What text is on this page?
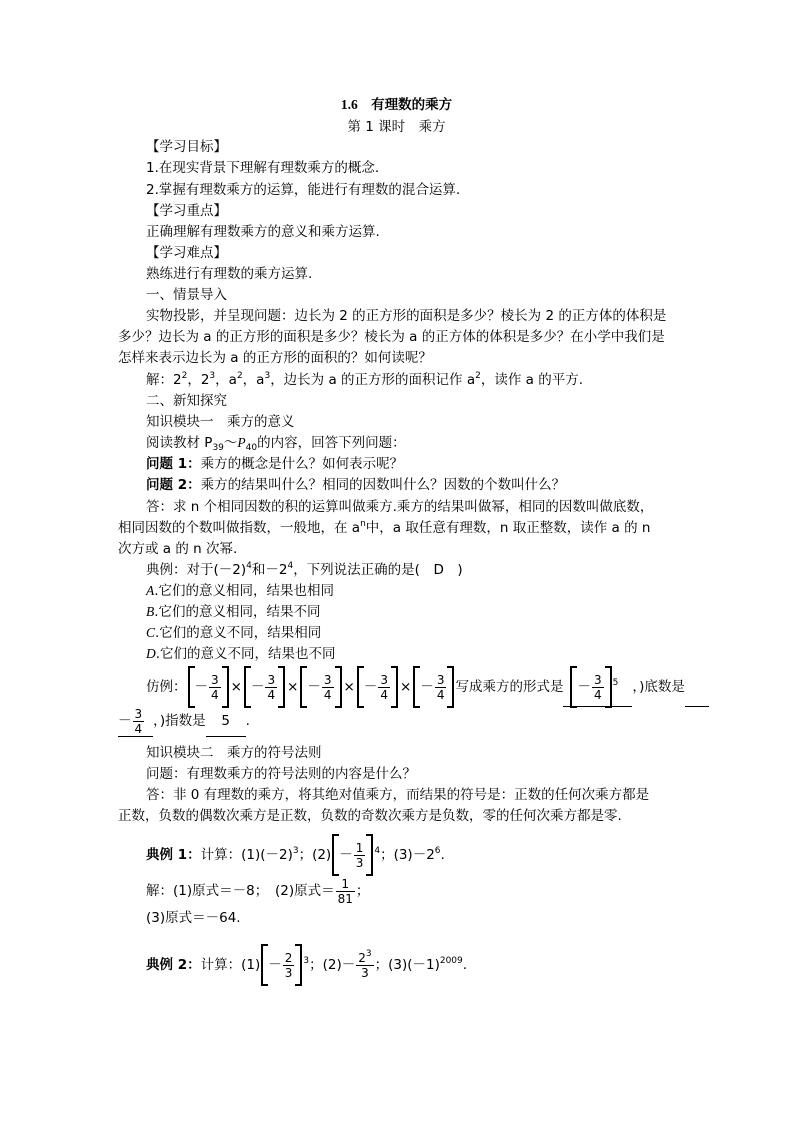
1.6　有理数的乘方
第 1 课时　乘方
【学习目标】
1.在现实背景下理解有理数乘方的概念.
2.掌握有理数乘方的运算，能进行有理数的混合运算.
【学习重点】
正确理解有理数乘方的意义和乘方运算.
【学习难点】
熟练进行有理数的乘方运算.
一、情景导入
实物投影，并呈现问题：边长为 2 的正方形的面积是多少？棱长为 2 的正方体的体积是
多少？边长为 a 的正方形的面积是多少？棱长为 a 的正方体的体积是多少？在小学中我们是
怎样来表示边长为 a 的正方形的面积的？如何读呢？
解：$2^2$，$2^3$，$a^2$，$a^3$，边长为 a 的正方形的面积记作 $a^2$，读作 a 的平方.
二、新知探究
知识模块一　乘方的意义
阅读教材 $P_{39}\sim P_{40}$的内容，回答下列问题：
问题 1：乘方的概念是什么？如何表示呢？
问题 2：乘方的结果叫什么？相同的因数叫什么？因数的个数叫什么？
答：求 n 个相同因数的积的运算叫做乘方.乘方的结果叫做幂，相同的因数叫做底数，
相同因数的个数叫做指数，一般地，在 $a^n$中，a 取任意有理数，n 取正整数，读作 a 的 n
次方或 a 的 n 次幂.
典例：对于$(-2)^4$和$-2^4$，下列说法正确的是(　D　)
A.它们的意义相同，结果也相同
B.它们的意义相同，结果不同
C.它们的意义不同，结果相同
D.它们的意义不同，结果也不同
仿例： － $\frac{3}{4}$ × － $\frac{3}{4}$ × － $\frac{3}{4}$ × － $\frac{3}{4}$ × － $\frac{3}{4}$ 写成乘方的形式是 － $\frac{3}{4} ^5$ ，)底数是
－ $\frac{3}{4}$ ，)指数是 5 .
知识模块二　乘方的符号法则
问题：有理数乘方的符号法则的内容是什么？
答：非 0 有理数的乘方，将其绝对值乘方，而结果的符号是：正数的任何次乘方都是
正数，负数的偶数次乘方是正数，负数的奇数次乘方是负数，零的任何次乘方都是零.
典例 1：计算：$(1)(-2)^3$；$(2) - \frac{1}{3} ^4$；$(3)-2^6$.
解：(1)原式＝－8；　(2)原式＝ $\frac{1}{81}$ ；
(3)原式＝－64.
典例 2：计算：$(1) - \frac{2}{3} ^3$；$(2)- \frac{2^3}{3}$ ；$(3)(-1)^{2009}$.
